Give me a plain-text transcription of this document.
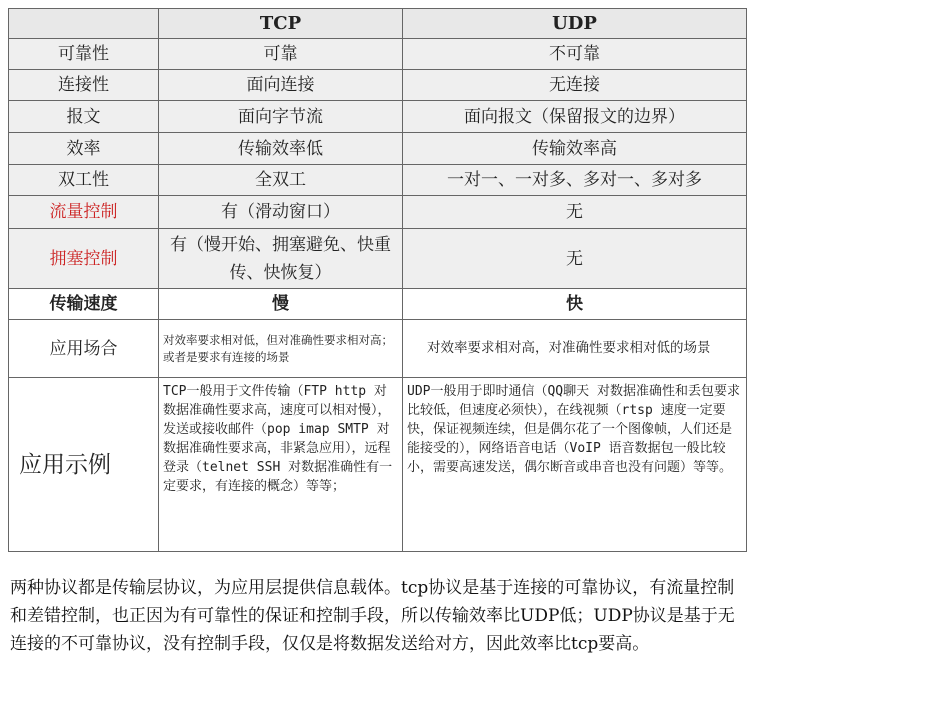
	TCP	UDP
可靠性	可靠	不可靠
连接性	面向连接	无连接
报文	面向字节流	面向报文（保留报文的边界）
效率	传输效率低	传输效率高
双工性	全双工	一对一、一对多、多对一、多对多
流量控制	有（滑动窗口）	无
拥塞控制	有（慢开始、拥塞避免、快重传、快恢复）	无
传输速度	慢	快
应用场合	对效率要求相对低，但对准确性要求相对高；或者是要求有连接的场景	对效率要求相对高，对准确性要求相对低的场景
应用示例	TCP一般用于文件传输（FTP http 对数据准确性要求高，速度可以相对慢），发送或接收邮件（pop imap SMTP 对数据准确性要求高，非紧急应用），远程登录（telnet SSH 对数据准确性有一定要求，有连接的概念）等等；	UDP一般用于即时通信（QQ聊天 对数据准确性和丢包要求比较低，但速度必须快），在线视频（rtsp 速度一定要快，保证视频连续，但是偶尔花了一个图像帧，人们还是能接受的），网络语音电话（VoIP 语音数据包一般比较小，需要高速发送，偶尔断音或串音也没有问题）等等。

两种协议都是传输层协议，为应用层提供信息载体。tcp协议是基于连接的可靠协议，有流量控制和差错控制，也正因为有可靠性的保证和控制手段，所以传输效率比UDP低；UDP协议是基于无连接的不可靠协议，没有控制手段，仅仅是将数据发送给对方，因此效率比tcp要高。
